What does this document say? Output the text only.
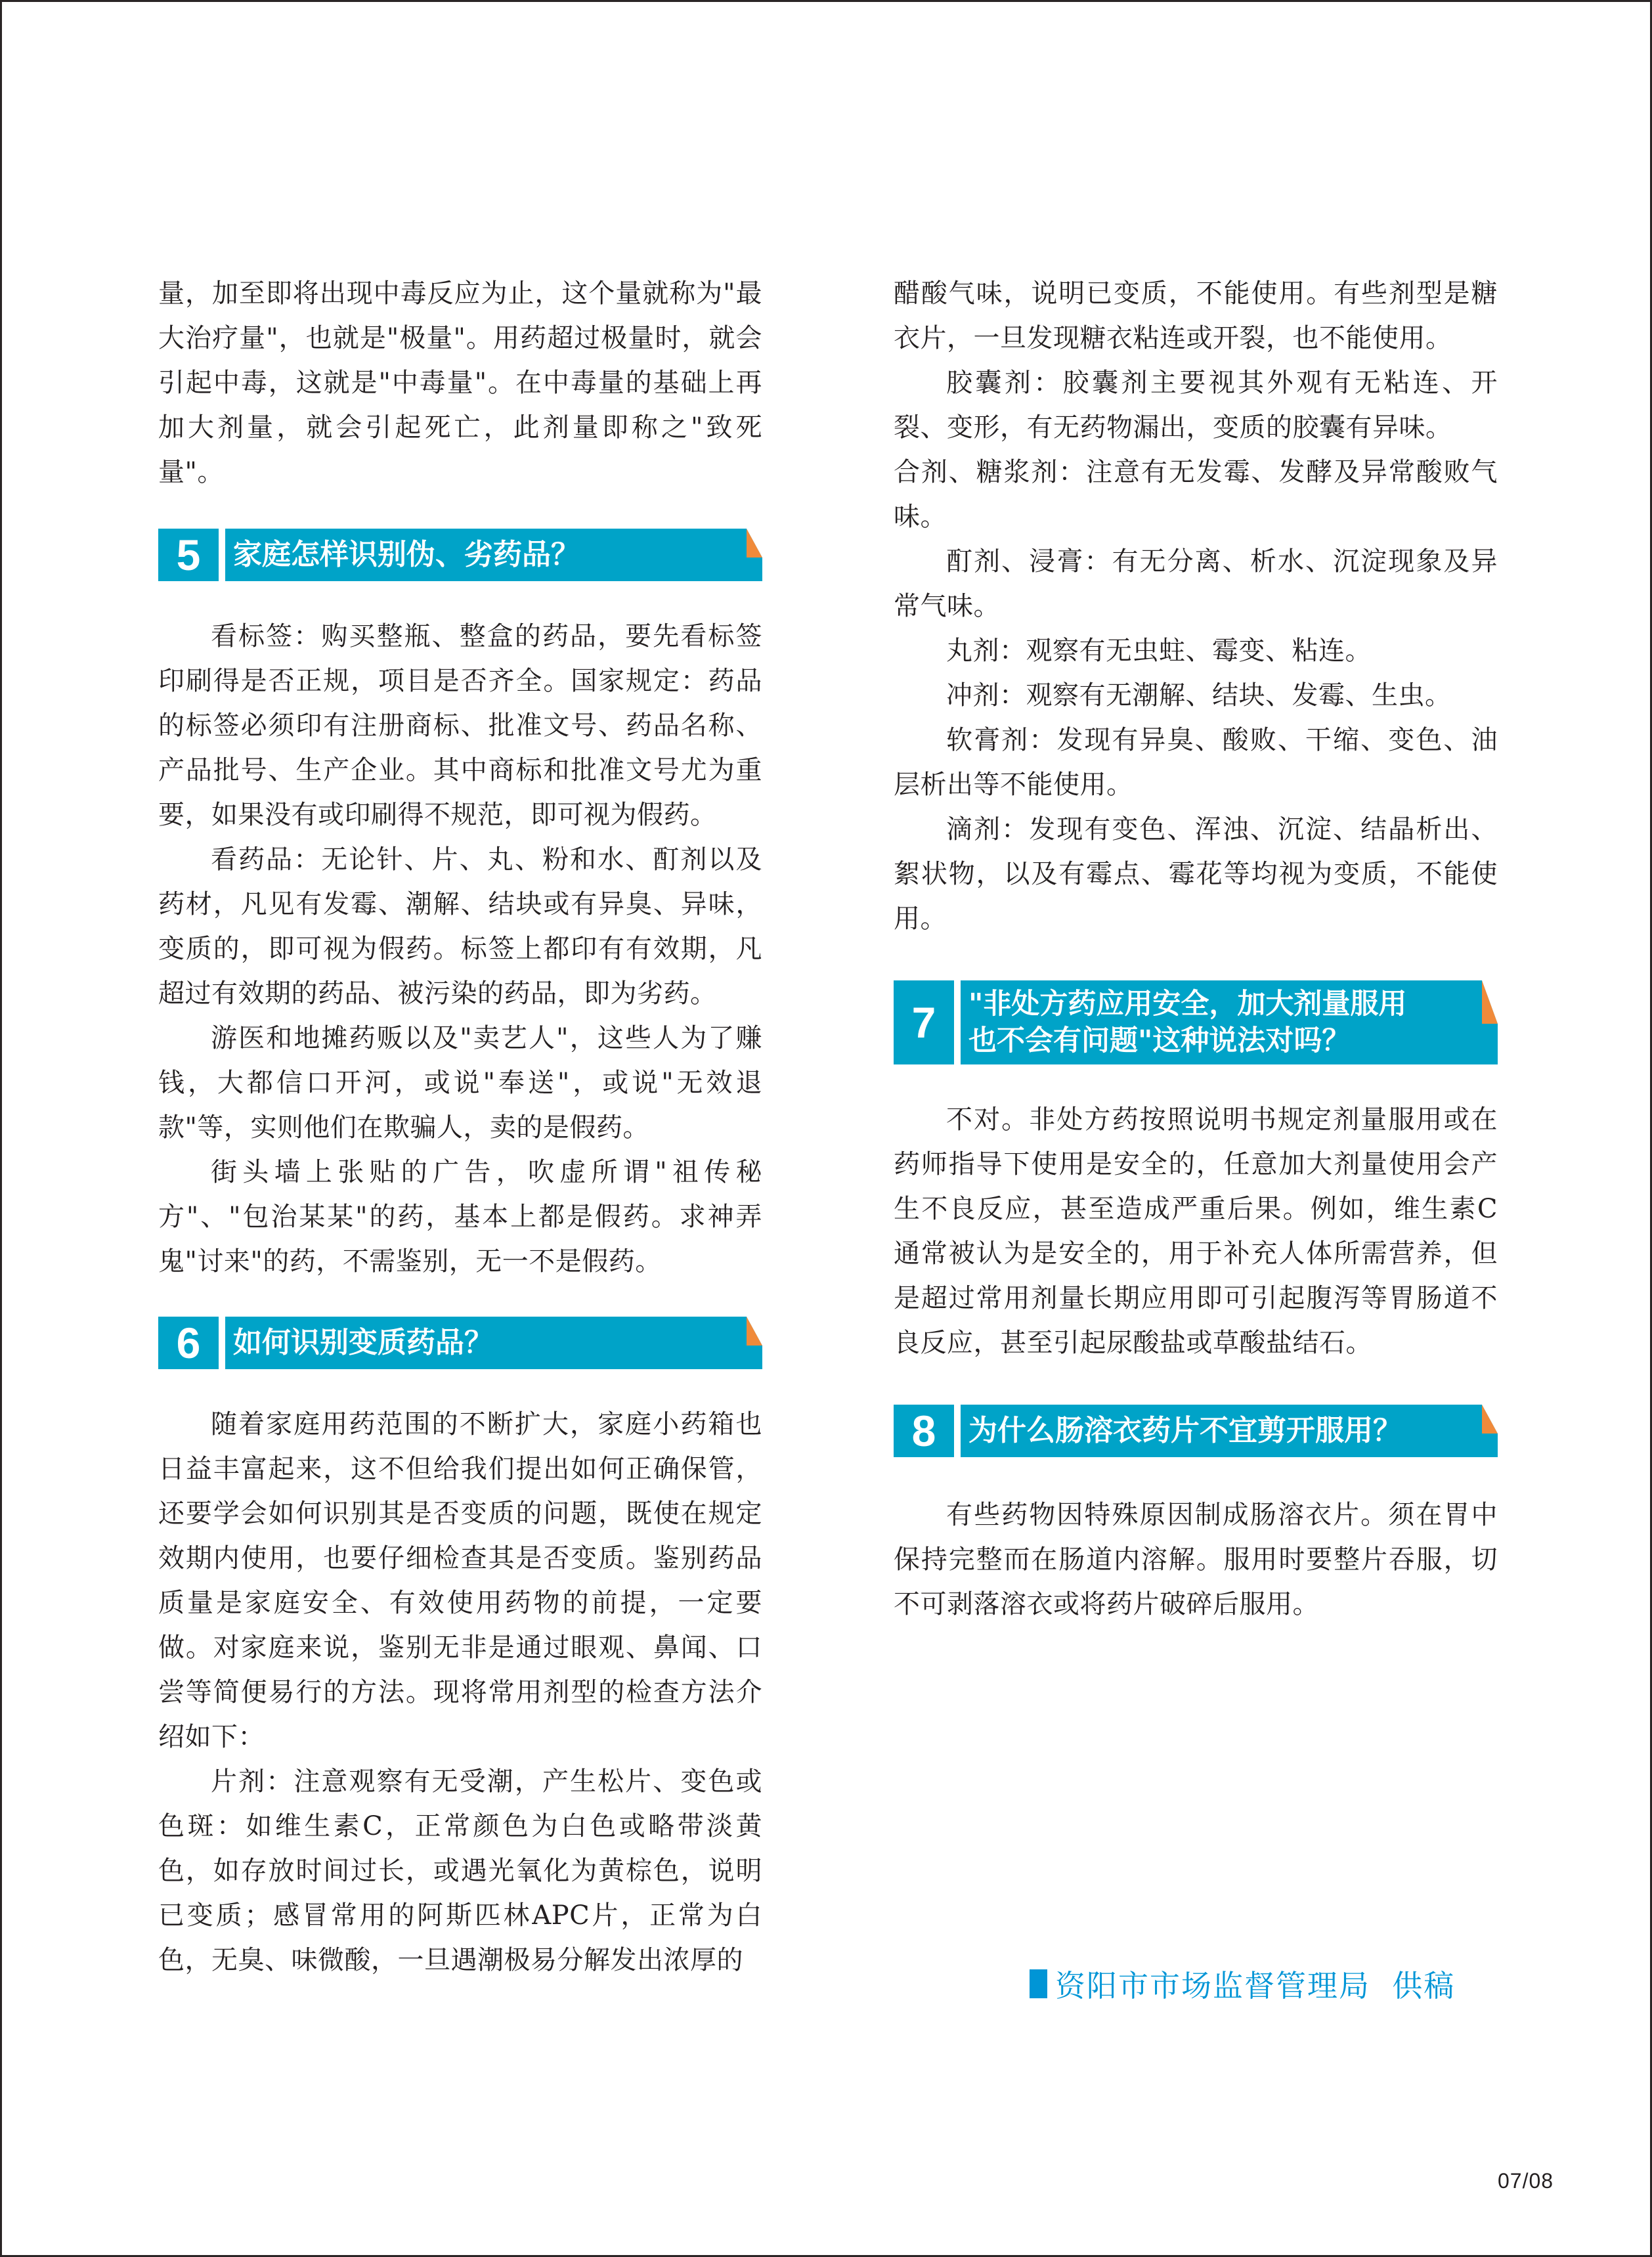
量，加至即将出现中毒反应为止，这个量就称为"最大治疗量"，也就是"极量"。用药超过极量时，就会引起中毒，这就是"中毒量"。在中毒量的基础上再加大剂量，就会引起死亡，此剂量即称之"致死量"。

5	家庭怎样识别伪、劣药品？

看标签：购买整瓶、整盒的药品，要先看标签印刷得是否正规，项目是否齐全。国家规定：药品的标签必须印有注册商标、批准文号、药品名称、产品批号、生产企业。其中商标和批准文号尤为重要，如果没有或印刷得不规范，即可视为假药。

看药品：无论针、片、丸、粉和水、酊剂以及药材，凡见有发霉、潮解、结块或有异臭、异味，变质的，即可视为假药。标签上都印有有效期，凡超过有效期的药品、被污染的药品，即为劣药。

游医和地摊药贩以及"卖艺人"，这些人为了赚钱，大都信口开河，或说"奉送"，或说"无效退款"等，实则他们在欺骗人，卖的是假药。

街头墙上张贴的广告，吹虚所谓"祖传秘方"、"包治某某"的药，基本上都是假药。求神弄鬼"讨来"的药，不需鉴别，无一不是假药。

6	如何识别变质药品？

随着家庭用药范围的不断扩大，家庭小药箱也日益丰富起来，这不但给我们提出如何正确保管，还要学会如何识别其是否变质的问题，既使在规定效期内使用，也要仔细检查其是否变质。鉴别药品质量是家庭安全、有效使用药物的前提，一定要做。对家庭来说，鉴别无非是通过眼观、鼻闻、口尝等简便易行的方法。现将常用剂型的检查方法介绍如下：

片剂：注意观察有无受潮，产生松片、变色或色斑：如维生素C，正常颜色为白色或略带淡黄色，如存放时间过长，或遇光氧化为黄棕色，说明已变质；感冒常用的阿斯匹林APC片，正常为白色，无臭、味微酸，一旦遇潮极易分解发出浓厚的

醋酸气味，说明已变质，不能使用。有些剂型是糖衣片，一旦发现糖衣粘连或开裂，也不能使用。

胶囊剂：胶囊剂主要视其外观有无粘连、开裂、变形，有无药物漏出，变质的胶囊有异味。

合剂、糖浆剂：注意有无发霉、发酵及异常酸败气味。

酊剂、浸膏：有无分离、析水、沉淀现象及异常气味。

丸剂：观察有无虫蛀、霉变、粘连。

冲剂：观察有无潮解、结块、发霉、生虫。

软膏剂：发现有异臭、酸败、干缩、变色、油层析出等不能使用。

滴剂：发现有变色、浑浊、沉淀、结晶析出、絮状物，以及有霉点、霉花等均视为变质，不能使用。

7	"非处方药应用安全，加大剂量服用
也不会有问题"这种说法对吗？

不对。非处方药按照说明书规定剂量服用或在药师指导下使用是安全的，任意加大剂量使用会产生不良反应，甚至造成严重后果。例如，维生素C通常被认为是安全的，用于补充人体所需营养，但是超过常用剂量长期应用即可引起腹泻等胃肠道不良反应，甚至引起尿酸盐或草酸盐结石。

8	为什么肠溶衣药片不宜剪开服用？

有些药物因特殊原因制成肠溶衣片。须在胃中保持完整而在肠道内溶解。服用时要整片吞服，切不可剥落溶衣或将药片破碎后服用。

资阳市市场监督管理局  供稿
07/08
